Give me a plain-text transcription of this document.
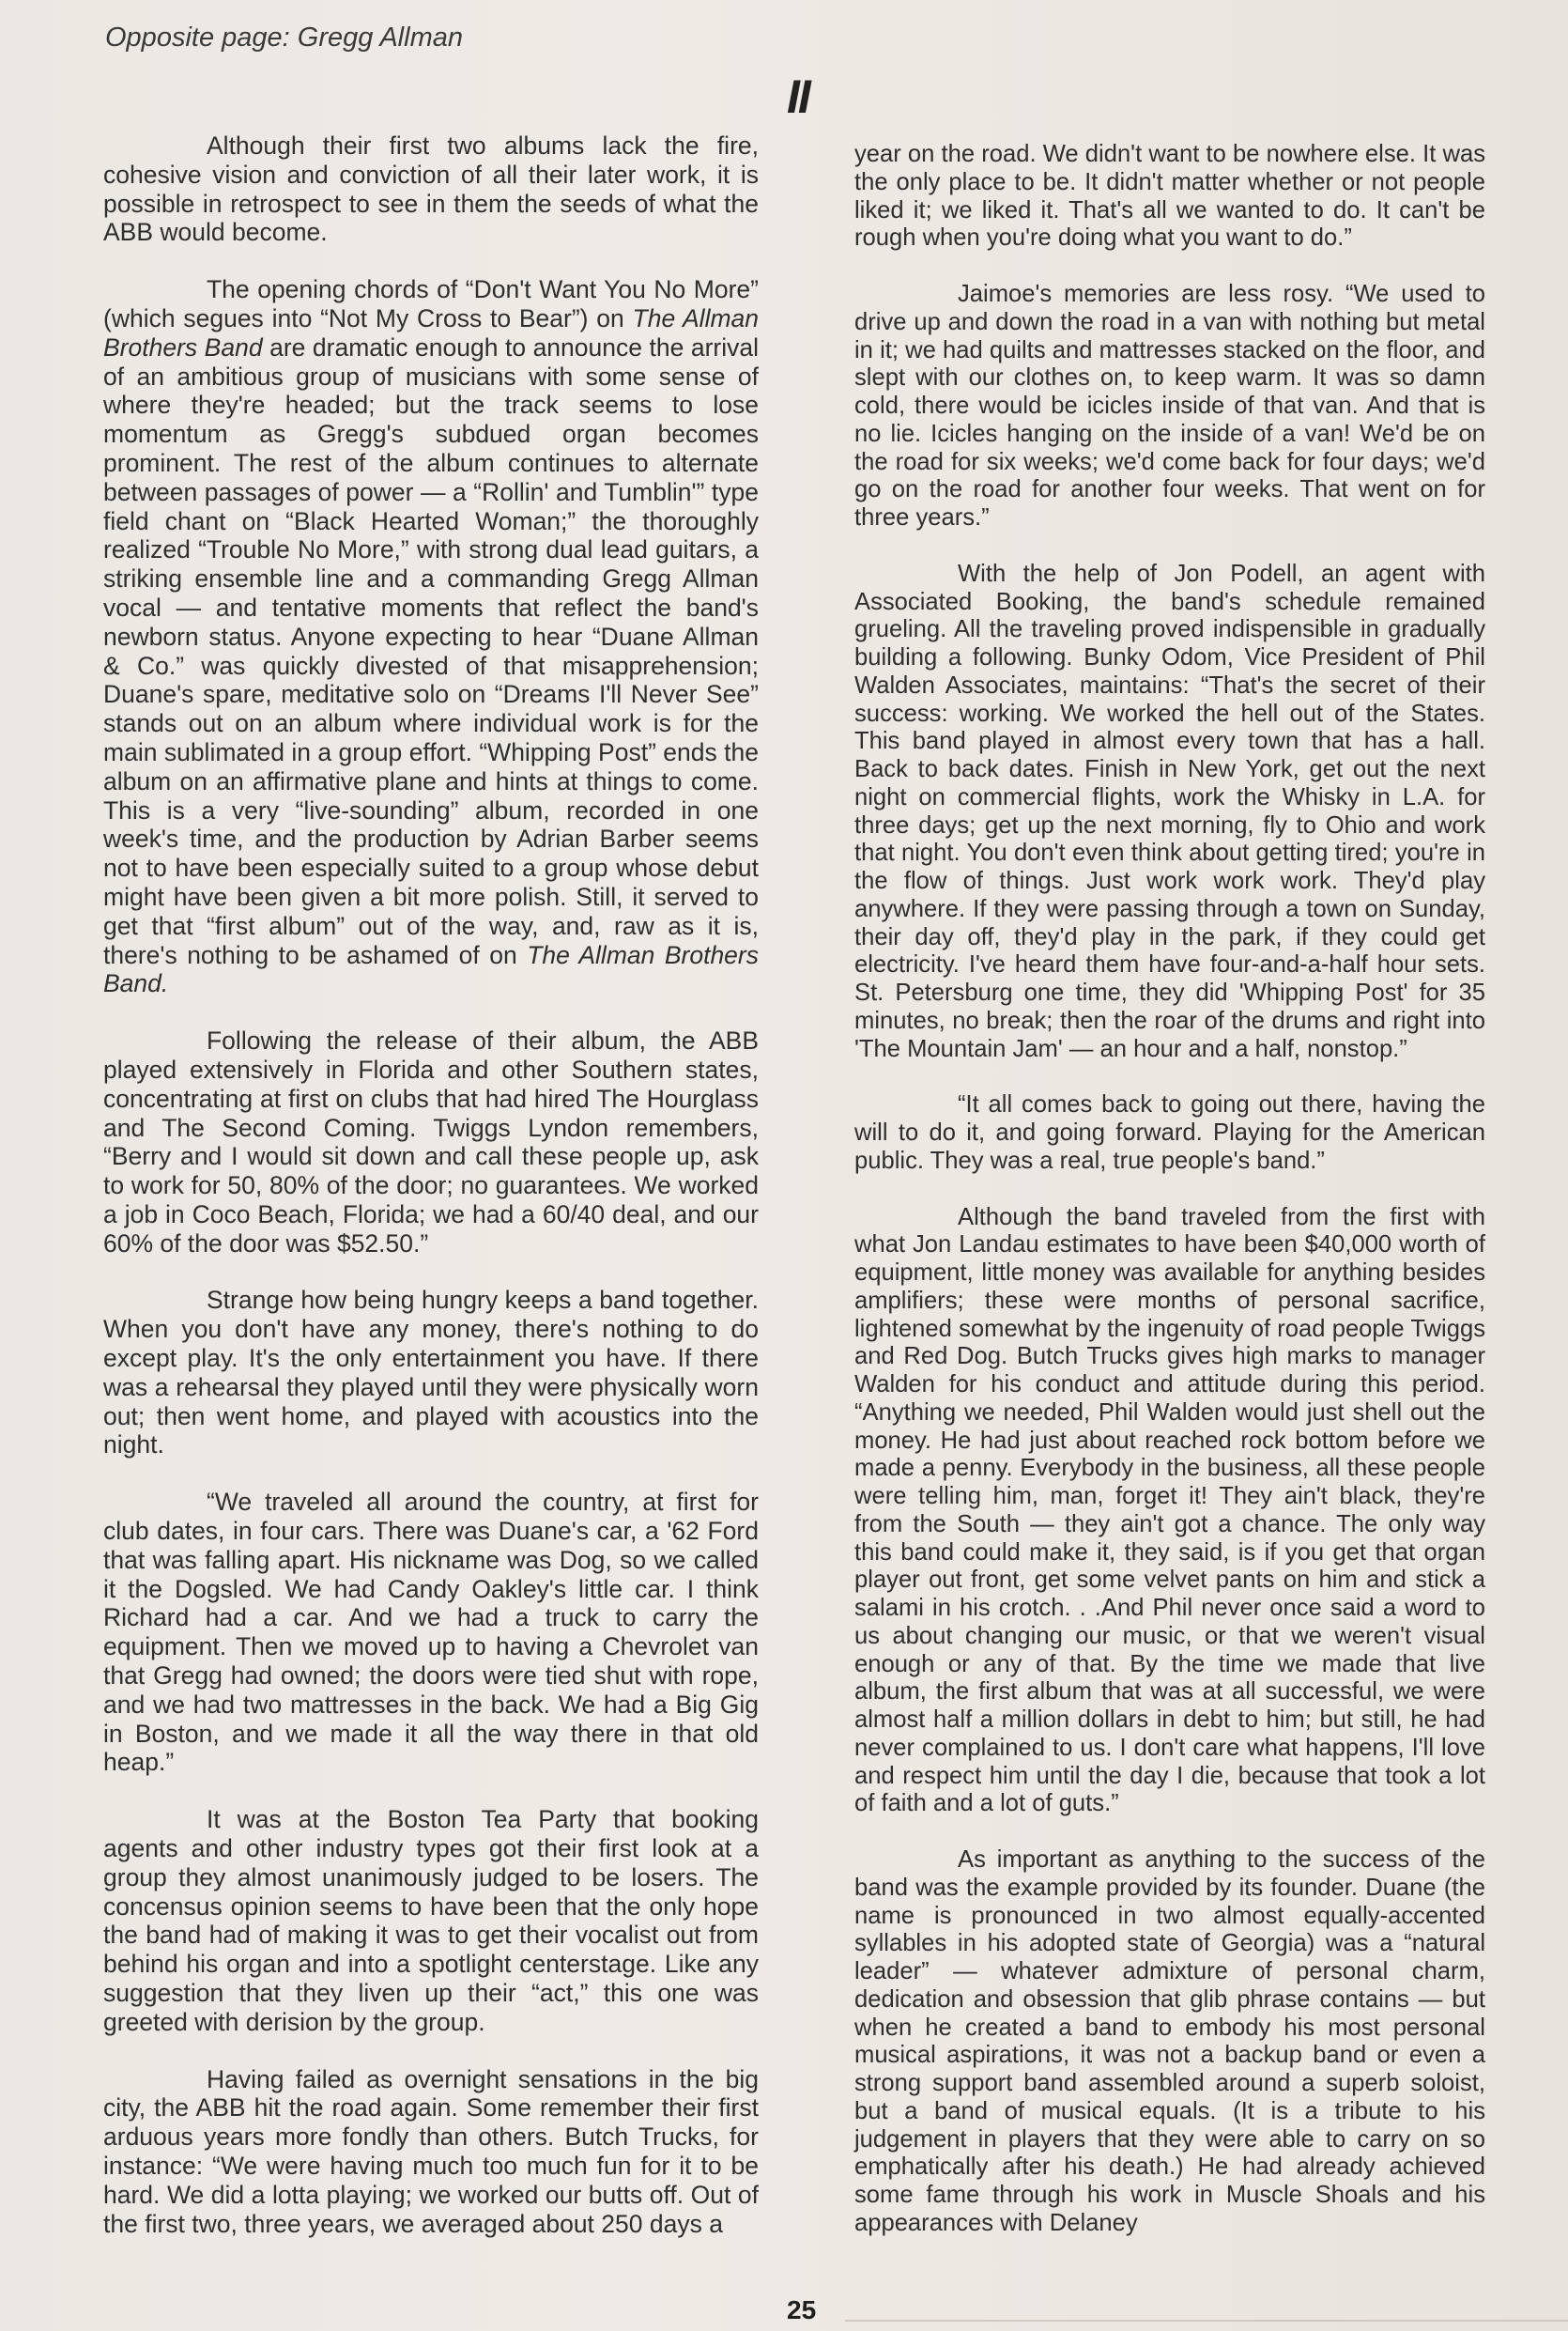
Opposite page: Gregg Allman
II

Although their first two albums lack the fire, cohesive vision and conviction of all their later work, it is possible in retrospect to see in them the seeds of what the ABB would become.

The opening chords of “Don't Want You No More” (which segues into “Not My Cross to Bear”) on The Allman Brothers Band are dramatic enough to announce the arrival of an ambitious group of musicians with some sense of where they're headed; but the track seems to lose momentum as Gregg's subdued organ becomes prominent. The rest of the album continues to alternate between passages of power — a “Rollin' and Tumblin'” type field chant on “Black Hearted Woman;” the thoroughly realized “Trouble No More,” with strong dual lead guitars, a striking ensemble line and a commanding Gregg Allman vocal — and tentative moments that reflect the band's newborn status. Anyone expecting to hear “Duane Allman & Co.” was quickly divested of that misapprehension; Duane's spare, meditative solo on “Dreams I'll Never See” stands out on an album where individual work is for the main sublimated in a group effort. “Whipping Post” ends the album on an affirmative plane and hints at things to come. This is a very “live-sounding” album, recorded in one week's time, and the production by Adrian Barber seems not to have been especially suited to a group whose debut might have been given a bit more polish. Still, it served to get that “first album” out of the way, and, raw as it is, there's nothing to be ashamed of on The Allman Brothers Band.

Following the release of their album, the ABB played extensively in Florida and other Southern states, concentrating at first on clubs that had hired The Hourglass and The Second Coming. Twiggs Lyndon remembers, “Berry and I would sit down and call these people up, ask to work for 50, 80% of the door; no guarantees. We worked a job in Coco Beach, Florida; we had a 60/40 deal, and our 60% of the door was $52.50.”

Strange how being hungry keeps a band together. When you don't have any money, there's nothing to do except play. It's the only entertainment you have. If there was a rehearsal they played until they were physically worn out; then went home, and played with acoustics into the night.

“We traveled all around the country, at first for club dates, in four cars. There was Duane's car, a '62 Ford that was falling apart. His nickname was Dog, so we called it the Dogsled. We had Candy Oakley's little car. I think Richard had a car. And we had a truck to carry the equipment. Then we moved up to having a Chevrolet van that Gregg had owned; the doors were tied shut with rope, and we had two mattresses in the back. We had a Big Gig in Boston, and we made it all the way there in that old heap.”

It was at the Boston Tea Party that booking agents and other industry types got their first look at a group they almost unanimously judged to be losers. The concensus opinion seems to have been that the only hope the band had of making it was to get their vocalist out from behind his organ and into a spotlight centerstage. Like any suggestion that they liven up their “act,” this one was greeted with derision by the group.

Having failed as overnight sensations in the big city, the ABB hit the road again. Some remember their first arduous years more fondly than others. Butch Trucks, for instance: “We were having much too much fun for it to be hard. We did a lotta playing; we worked our butts off. Out of the first two, three years, we averaged about 250 days a

year on the road. We didn't want to be nowhere else. It was the only place to be. It didn't matter whether or not people liked it; we liked it. That's all we wanted to do. It can't be rough when you're doing what you want to do.”

Jaimoe's memories are less rosy. “We used to drive up and down the road in a van with nothing but metal in it; we had quilts and mattresses stacked on the floor, and slept with our clothes on, to keep warm. It was so damn cold, there would be icicles inside of that van. And that is no lie. Icicles hanging on the inside of a van! We'd be on the road for six weeks; we'd come back for four days; we'd go on the road for another four weeks. That went on for three years.”

With the help of Jon Podell, an agent with Associated Booking, the band's schedule remained grueling. All the traveling proved indispensible in gradually building a following. Bunky Odom, Vice President of Phil Walden Associates, maintains: “That's the secret of their success: working. We worked the hell out of the States. This band played in almost every town that has a hall. Back to back dates. Finish in New York, get out the next night on commercial flights, work the Whisky in L.A. for three days; get up the next morning, fly to Ohio and work that night. You don't even think about getting tired; you're in the flow of things. Just work work work. They'd play anywhere. If they were passing through a town on Sunday, their day off, they'd play in the park, if they could get electricity. I've heard them have four-and-a-half hour sets. St. Petersburg one time, they did 'Whipping Post' for 35 minutes, no break; then the roar of the drums and right into 'The Mountain Jam' — an hour and a half, nonstop.”

“It all comes back to going out there, having the will to do it, and going forward. Playing for the American public. They was a real, true people's band.”

Although the band traveled from the first with what Jon Landau estimates to have been $40,000 worth of equipment, little money was available for anything besides amplifiers; these were months of personal sacrifice, lightened somewhat by the ingenuity of road people Twiggs and Red Dog. Butch Trucks gives high marks to manager Walden for his conduct and attitude during this period. “Anything we needed, Phil Walden would just shell out the money. He had just about reached rock bottom before we made a penny. Everybody in the business, all these people were telling him, man, forget it! They ain't black, they're from the South — they ain't got a chance. The only way this band could make it, they said, is if you get that organ player out front, get some velvet pants on him and stick a salami in his crotch. . .And Phil never once said a word to us about changing our music, or that we weren't visual enough or any of that. By the time we made that live album, the first album that was at all successful, we were almost half a million dollars in debt to him; but still, he had never complained to us. I don't care what happens, I'll love and respect him until the day I die, because that took a lot of faith and a lot of guts.”

As important as anything to the success of the band was the example provided by its founder. Duane (the name is pronounced in two almost equally-accented syllables in his adopted state of Georgia) was a “natural leader” — whatever admixture of personal charm, dedication and obsession that glib phrase contains — but when he created a band to embody his most personal musical aspirations, it was not a backup band or even a strong support band assembled around a superb soloist, but a band of musical equals. (It is a tribute to his judgement in players that they were able to carry on so emphatically after his death.) He had already achieved some fame through his work in Muscle Shoals and his appearances with Delaney

25
